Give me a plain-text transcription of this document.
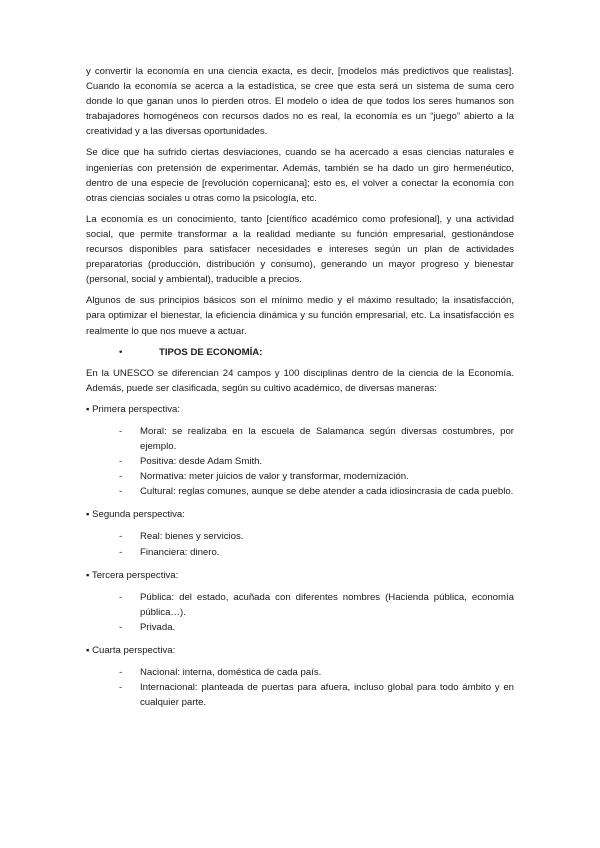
y convertir la economía en una ciencia exacta, es decir, [modelos más predictivos que realistas]. Cuando la economía se acerca a la estadística, se cree que esta será un sistema de suma cero donde lo que ganan unos lo pierden otros. El modelo o idea de que todos los seres humanos son trabajadores homogéneos con recursos dados no es real, la economía es un “juego” abierto a la creatividad y a las diversas oportunidades.

Se dice que ha sufrido ciertas desviaciones, cuando se ha acercado a esas ciencias naturales e ingenierías con pretensión de experimentar. Además, también se ha dado un giro hermenéutico, dentro de una especie de [revolución copernicana]; esto es, el volver a conectar la economía con otras ciencias sociales u otras como la psicología, etc.

La economía es un conocimiento, tanto [científico académico como profesional], y una actividad social, que permite transformar a la realidad mediante su función empresarial, gestionándose recursos disponibles para satisfacer necesidades e intereses según un plan de actividades preparatorias (producción, distribución y consumo), generando un mayor progreso y bienestar (personal, social y ambiental), traducible a precios.

Algunos de sus principios básicos son el mínimo medio y el máximo resultado; la insatisfacción, para optimizar el bienestar, la eficiencia dinámica y su función empresarial, etc. La insatisfacción es realmente lo que nos mueve a actuar.

•	TIPOS DE ECONOMÍA:

En la UNESCO se diferencian 24 campos y 100 disciplinas dentro de la ciencia de la Economía. Además, puede ser clasificada, según su cultivo académico, de diversas maneras:

▪ Primera perspectiva:
- Moral: se realizaba en la escuela de Salamanca según diversas costumbres, por ejemplo.
- Positiva: desde Adam Smith.
- Normativa: meter juicios de valor y transformar, modernización.
- Cultural: reglas comunes, aunque se debe atender a cada idiosincrasia de cada pueblo.
▪ Segunda perspectiva:
- Real: bienes y servicios.
- Financiera: dinero.
▪ Tercera perspectiva:
- Pública: del estado, acuñada con diferentes nombres (Hacienda pública, economía pública…).
- Privada.
▪ Cuarta perspectiva:
- Nacional: interna, doméstica de cada país.
- Internacional: planteada de puertas para afuera, incluso global para todo ámbito y en cualquier parte.
